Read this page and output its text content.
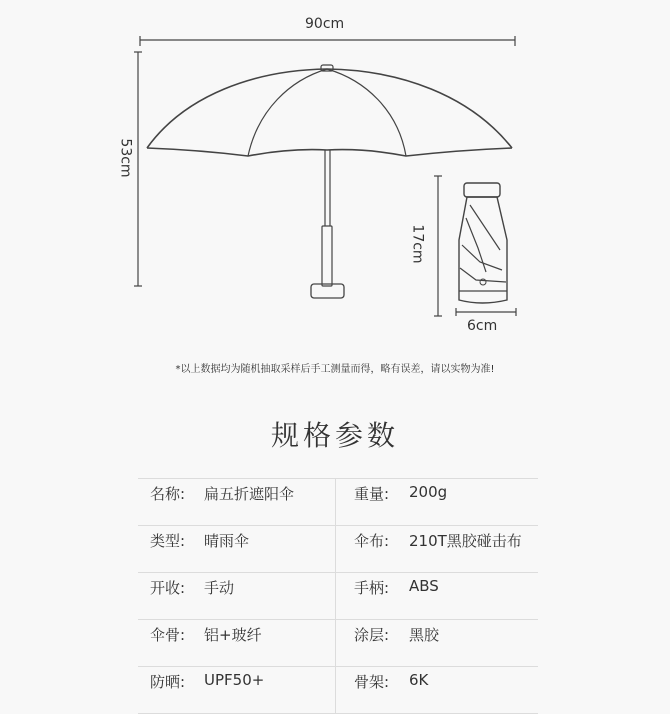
90cm
53cm
17cm
6cm
*以上数据均为随机抽取采样后手工测量而得，略有误差，请以实物为准!
规格参数
名称: 扁五折遮阳伞	重量: 200g
类型: 晴雨伞	伞布: 210T黑胶碰击布
开收: 手动	手柄: ABS
伞骨: 铝+玻纤	涂层: 黑胶
防晒: UPF50+	骨架: 6K
